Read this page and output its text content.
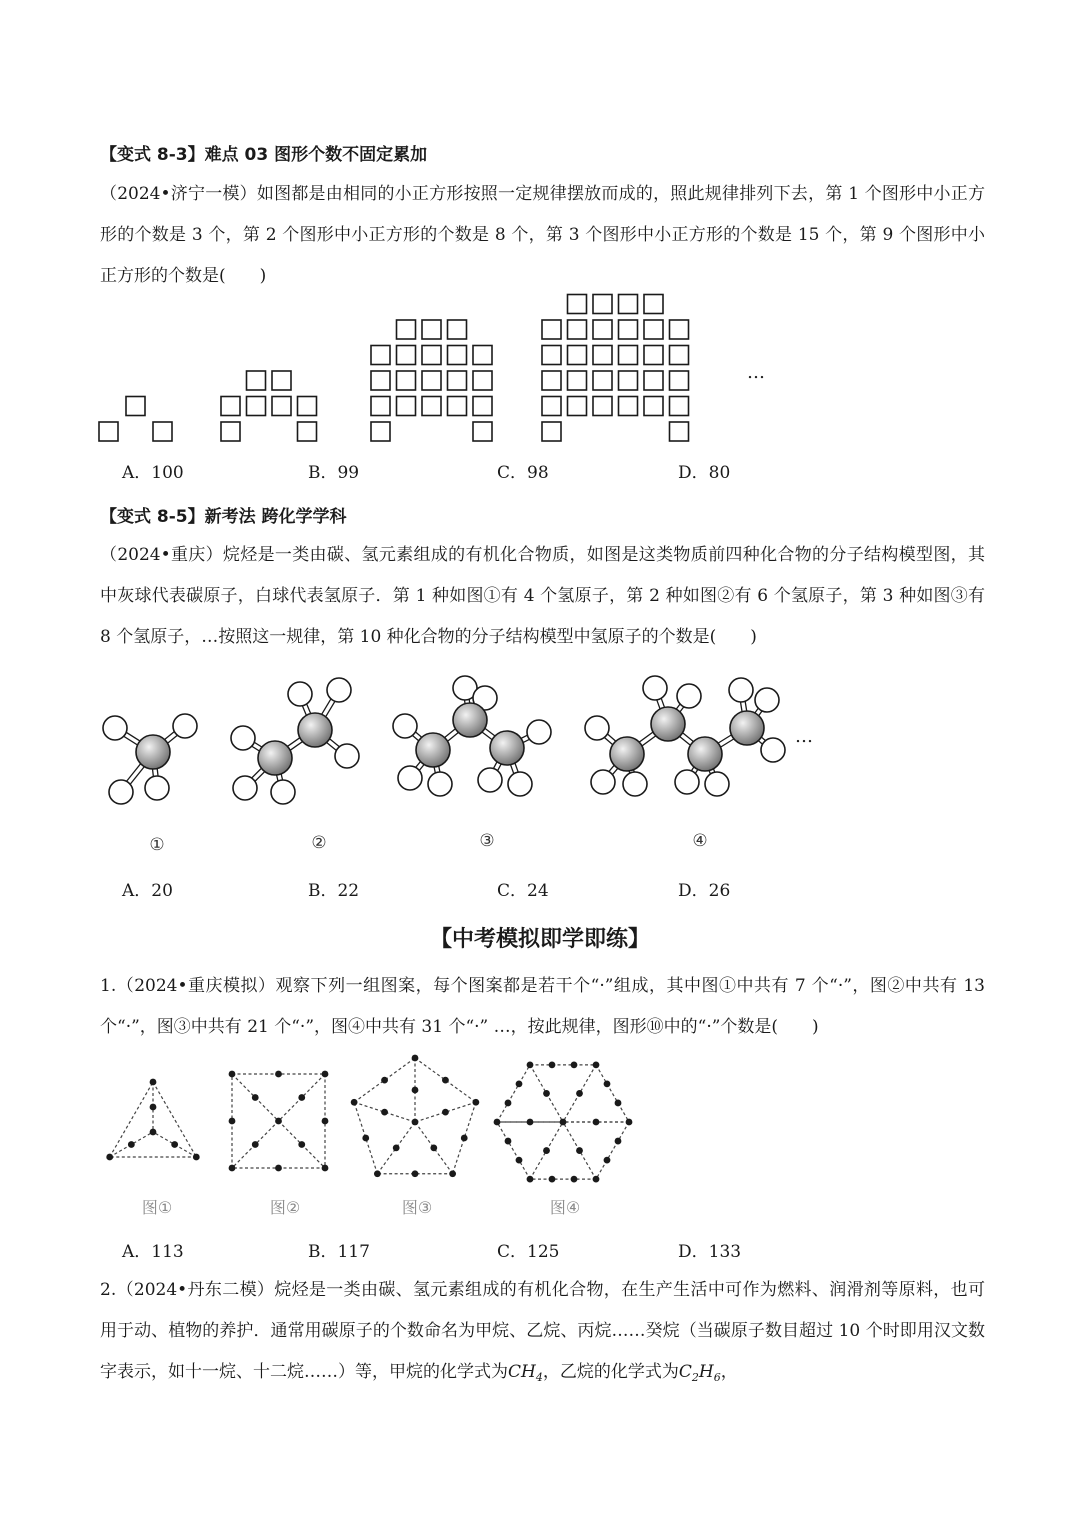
【变式 8-3】难点 03 图形个数不固定累加
（2024•济宁一模）如图都是由相同的小正方形按照一定规律摆放而成的，照此规律排列下去，第 1 个图形中小正方形的个数是 3 个，第 2 个图形中小正方形的个数是 8 个，第 3 个图形中小正方形的个数是 15 个，第 9 个图形中小正方形的个数是(　　)
…
A．100	B．99	C．98	D．80
【变式 8-5】新考法 跨化学学科
（2024•重庆）烷烃是一类由碳、氢元素组成的有机化合物质，如图是这类物质前四种化合物的分子结构模型图，其中灰球代表碳原子，白球代表氢原子．第 1 种如图①有 4 个氢原子，第 2 种如图②有 6 个氢原子，第 3 种如图③有 8 个氢原子，…按照这一规律，第 10 种化合物的分子结构模型中氢原子的个数是(　　)
…
①	②	③	④
A．20	B．22	C．24	D．26
【中考模拟即学即练】
1.（2024•重庆模拟）观察下列一组图案，每个图案都是若干个“·”组成，其中图①中共有 7 个“·”，图②中共有 13 个“·”，图③中共有 21 个“·”，图④中共有 31 个“·” …，按此规律，图形⑩中的“·”个数是(　　)
图①	图②	图③	图④
A．113	B．117	C．125	D．133
2.（2024•丹东二模）烷烃是一类由碳、氢元素组成的有机化合物，在生产生活中可作为燃料、润滑剂等原料，也可用于动、植物的养护．通常用碳原子的个数命名为甲烷、乙烷、丙烷……癸烷（当碳原子数目超过 10 个时即用汉文数字表示，如十一烷、十二烷……）等，甲烷的化学式为$CH_4$，乙烷的化学式为$C_2H_6$，
